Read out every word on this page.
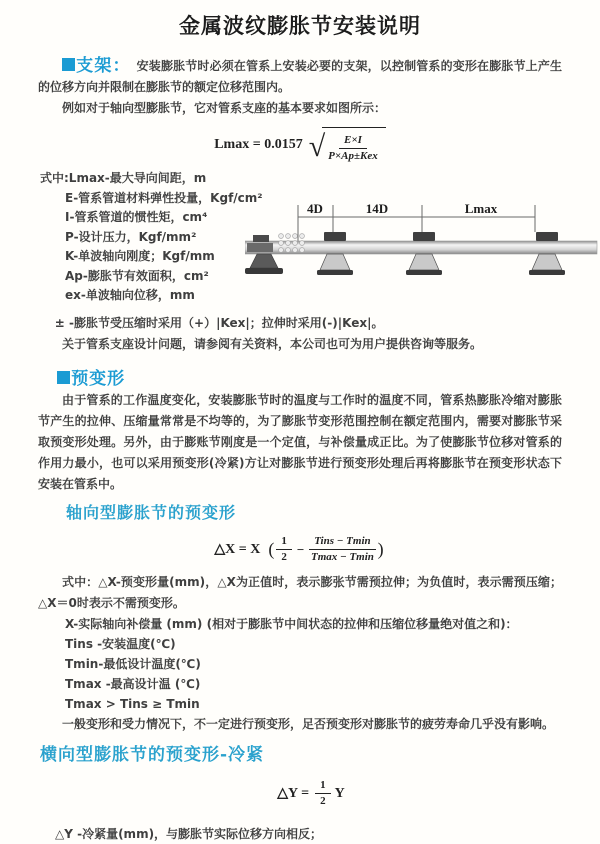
金属波纹膨胀节安装说明

支架： 安装膨胀节时必须在管系上安装必要的支架，以控制管系的变形在膨胀节上产生的位移方向并限制在膨胀节的额定位移范围内。

例如对于轴向型膨胀节，它对管系支座的基本要求如图所示：

Lmax = 0.0157 √ $\frac{E\times I}{\text{P×Ap±Kex}}$
式中:Lmax-最大导向间距，m
E-管系管道材料弹性投量，Kgf/cm²
I-管系管道的惯性矩，cm⁴
P-设计压力，Kgf/mm²
K-单波轴向刚度；Kgf/mm
Ap-膨胀节有效面积，cm²
ex-单波轴向位移，mm
4D	14D	Lmax

± -膨胀节受压缩时采用（+）|Kex|；拉伸时采用(-)|Kex|。

关于管系支座设计问题，请参阅有关资料，本公司也可为用户提供咨询等服务。

预变形

由于管系的工作温度变化，安装膨胀节时的温度与工作时的温度不同，管系热膨胀冷缩对膨胀节产生的拉伸、压缩量常常是不均等的，为了膨胀节变形范围控制在额定范围内，需要对膨胀节采取预变形处理。另外，由于膨账节刚度是一个定值，与补偿量成正比。为了使膨胀节位移对管系的作用力最小，也可以采用预变形(冷紧)方让对膨胀节进行预变形处理后再将膨胀节在预变形状态下安装在管系中。

轴向型膨胀节的预变形
△X = X ( $\frac{1}{2} - \frac{\text{Tins − Tmin}}{Tmax - Tmin}$ )

式中：△X-预变形量(mm)，△X为正值时，表示膨张节需预拉伸；为负值时，表示需预压缩；△X＝0时表示不需预变形。

X-实际轴向补偿量 (mm) (相对于膨胀节中间状态的拉伸和压缩位移量绝对值之和)：
Tins -安装温度(℃)
Tmin-最低设计温度(℃)
Tmax -最高设计温 (℃)
Tmax > Tins ≥ Tmin

一般变形和受力情况下，不一定进行预变形，足否预变形对膨胀节的疲劳寿命几乎没有影响。

横向型膨胀节的预变形-冷紧
△Y = $\frac{1}{2}$ Y
△Y -冷紧量(mm)，与膨胀节实际位移方向相反；
